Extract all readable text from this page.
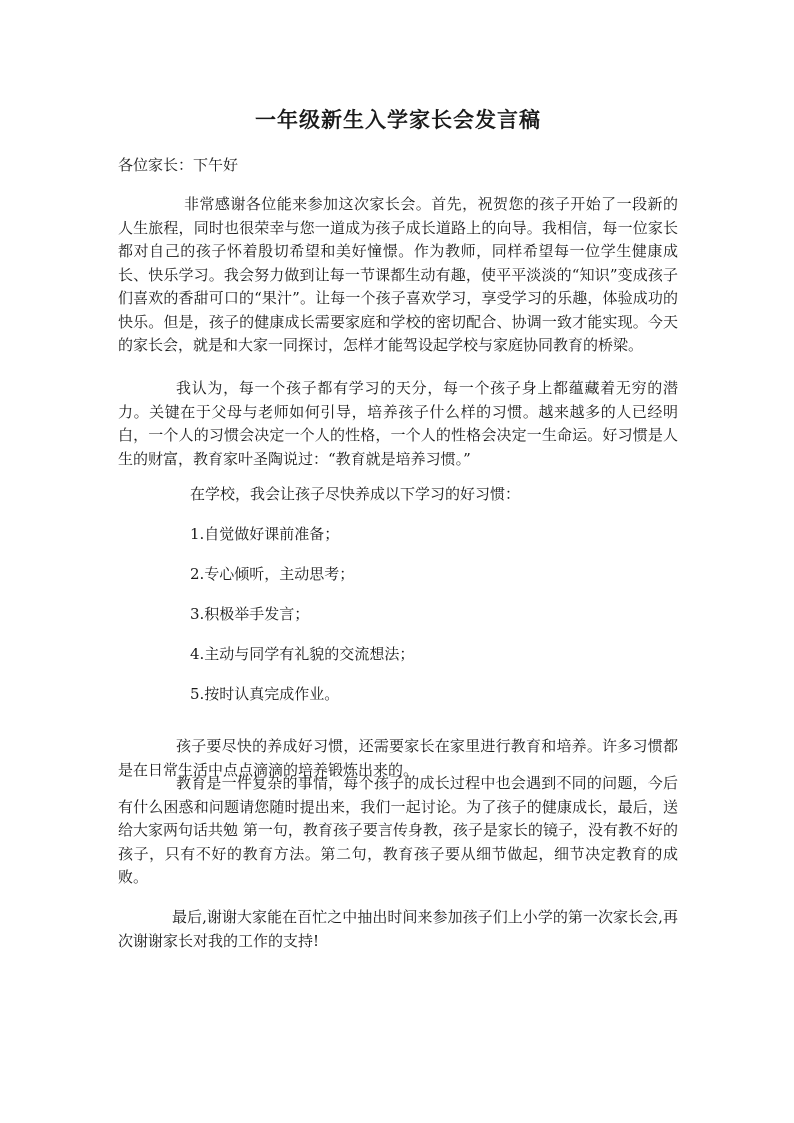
一年级新生入学家长会发言稿

各位家长：下午好

非常感谢各位能来参加这次家长会。首先，祝贺您的孩子开始了一段新的人生旅程，同时也很荣幸与您一道成为孩子成长道路上的向导。我相信，每一位家长都对自己的孩子怀着殷切希望和美好憧憬。作为教师，同样希望每一位学生健康成长、快乐学习。我会努力做到让每一节课都生动有趣，使平平淡淡的“知识”变成孩子们喜欢的香甜可口的“果汁”。让每一个孩子喜欢学习，享受学习的乐趣，体验成功的快乐。但是，孩子的健康成长需要家庭和学校的密切配合、协调一致才能实现。今天的家长会，就是和大家一同探讨，怎样才能驾设起学校与家庭协同教育的桥梁。

我认为，每一个孩子都有学习的天分，每一个孩子身上都蕴藏着无穷的潜力。关键在于父母与老师如何引导，培养孩子什么样的习惯。越来越多的人已经明白，一个人的习惯会决定一个人的性格，一个人的性格会决定一生命运。好习惯是人生的财富，教育家叶圣陶说过：“教育就是培养习惯。”

在学校，我会让孩子尽快养成以下学习的好习惯：

1.自觉做好课前准备；
2.专心倾听，主动思考；
3.积极举手发言；
4.主动与同学有礼貌的交流想法；
5.按时认真完成作业。

孩子要尽快的养成好习惯，还需要家长在家里进行教育和培养。许多习惯都是在日常生活中点点滴滴的培养锻炼出来的。

教育是一件复杂的事情，每个孩子的成长过程中也会遇到不同的问题，今后有什么困惑和问题请您随时提出来，我们一起讨论。为了孩子的健康成长，最后，送给大家两句话共勉 第一句，教育孩子要言传身教，孩子是家长的镜子，没有教不好的孩子，只有不好的教育方法。第二句，教育孩子要从细节做起，细节决定教育的成败。

最后,谢谢大家能在百忙之中抽出时间来参加孩子们上小学的第一次家长会,再次谢谢家长对我的工作的支持!
